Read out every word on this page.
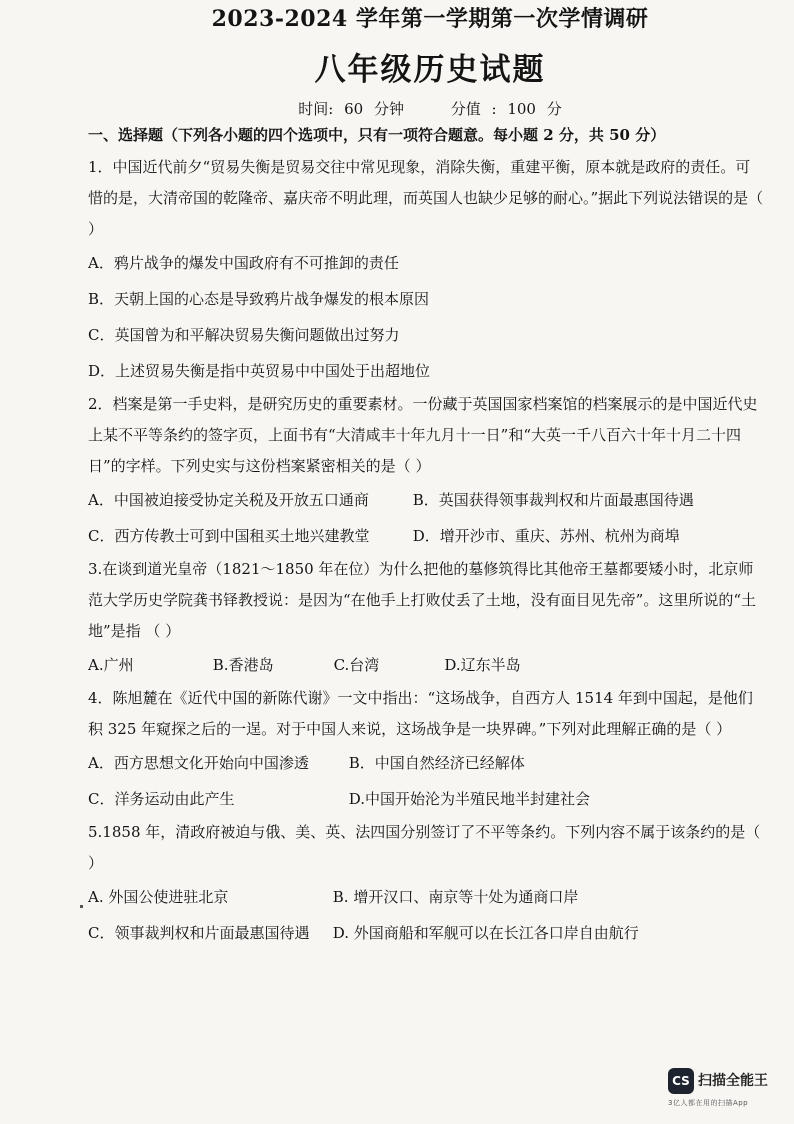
2023-2024 学年第一学期第一次学情调研
八年级历史试题
时间: 60 分钟	分值 : 100 分
一、选择题（下列各小题的四个选项中，只有一项符合题意。每小题 2 分，共 50 分）
1．中国近代前夕“贸易失衡是贸易交往中常见现象，消除失衡，重建平衡，原本就是政府的责任。可惜的是，大清帝国的乾隆帝、嘉庆帝不明此理，而英国人也缺少足够的耐心。”据此下列说法错误的是（ ）
A．鸦片战争的爆发中国政府有不可推卸的责任
B．天朝上国的心态是导致鸦片战争爆发的根本原因
C．英国曾为和平解决贸易失衡问题做出过努力
D．上述贸易失衡是指中英贸易中中国处于出超地位
2．档案是第一手史料，是研究历史的重要素材。一份藏于英国国家档案馆的档案展示的是中国近代史上某不平等条约的签字页，上面书有“大清咸丰十年九月十一日”和“大英一千八百六十年十月二十四日”的字样。下列史实与这份档案紧密相关的是（ ）
A．中国被迫接受协定关税及开放五口通商	B．英国获得领事裁判权和片面最惠国待遇
C．西方传教士可到中国租买土地兴建教堂	D．增开沙市、重庆、苏州、杭州为商埠
3.在谈到道光皇帝（1821～1850 年在位）为什么把他的墓修筑得比其他帝王墓都要矮小时，北京师范大学历史学院龚书铎教授说：是因为“在他手上打败仗丢了土地，没有面目见先帝”。这里所说的“土地”是指 （ ）
A.广州	B.香港岛	C.台湾	D.辽东半岛
4．陈旭麓在《近代中国的新陈代谢》一文中指出：“这场战争，自西方人 1514 年到中国起，是他们积 325 年窥探之后的一逞。对于中国人来说，这场战争是一块界碑。”下列对此理解正确的是（ ）
A．西方思想文化开始向中国渗透	B．中国自然经济已经解体
C．洋务运动由此产生	D.中国开始沦为半殖民地半封建社会
5.1858 年，清政府被迫与俄、美、英、法四国分别签订了不平等条约。下列内容不属于该条约的是（ ）
A. 外国公使进驻北京	B. 增开汉口、南京等十处为通商口岸
C．领事裁判权和片面最惠国待遇 D. 外国商船和军舰可以在长江各口岸自由航行
CS 扫描全能王
3亿人都在用的扫描App
